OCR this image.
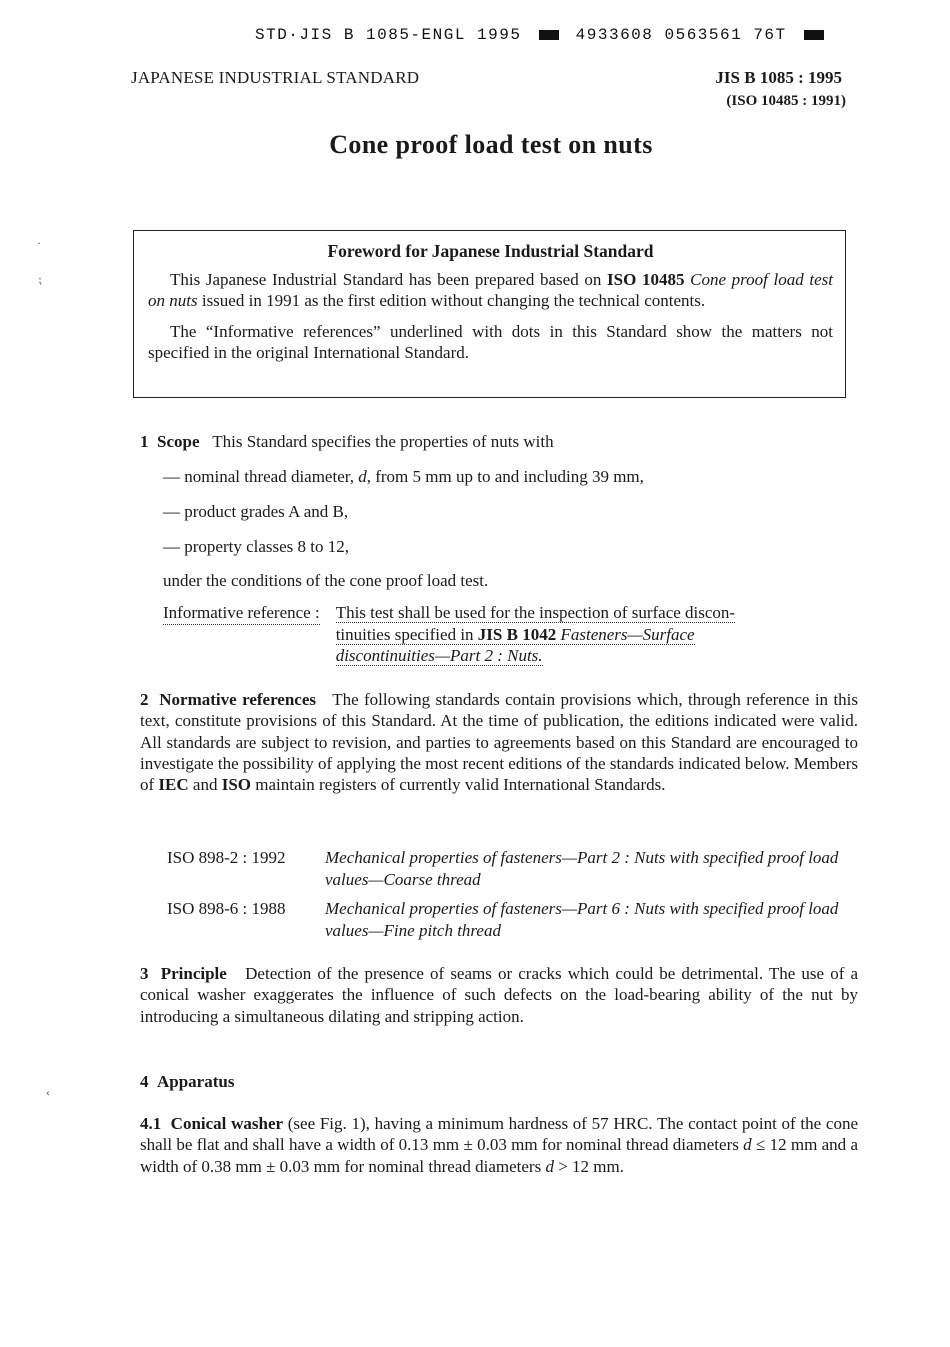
STD·JIS B 1085-ENGL 1995	4933608 0563561 76T
JAPANESE INDUSTRIAL STANDARD	JIS B 1085 : 1995
(ISO 10485 : 1991)
Cone proof load test on nuts
Foreword for Japanese Industrial Standard

This Japanese Industrial Standard has been prepared based on ISO 10485 Cone proof load test on nuts issued in 1991 as the first edition without changing the technical contents.

The “Informative references” underlined with dots in this Standard show the matters not specified in the original International Standard.

1 Scope This Standard specifies the properties of nuts with
— nominal thread diameter, d, from 5 mm up to and including 39 mm,
— product grades A and B,
— property classes 8 to 12,
under the conditions of the cone proof load test.
Informative reference : This test shall be used for the inspection of surface discon-
tinuities specified in JIS B 1042 Fasteners—Surface
discontinuities—Part 2 : Nuts.
2 Normative references The following standards contain provisions which, through reference in this text, constitute provisions of this Standard. At the time of publication, the editions indicated were valid. All standards are subject to revision, and parties to agreements based on this Standard are encouraged to investigate the possibility of applying the most recent editions of the standards indicated below. Members of IEC and ISO maintain registers of currently valid International Standards.
ISO 898-2 : 1992	Mechanical properties of fasteners—Part 2 : Nuts with specified proof load values—Coarse thread
ISO 898-6 : 1988	Mechanical properties of fasteners—Part 6 : Nuts with specified proof load values—Fine pitch thread
3 Principle Detection of the presence of seams or cracks which could be detrimental. The use of a conical washer exaggerates the influence of such defects on the load-bearing ability of the nut by introducing a simultaneous dilating and stripping action.
4 Apparatus
4.1 Conical washer (see Fig. 1), having a minimum hardness of 57 HRC. The contact point of the cone shall be flat and shall have a width of 0.13 mm ± 0.03 mm for nominal thread diameters d ≤ 12 mm and a width of 0.38 mm ± 0.03 mm for nominal thread diameters d > 12 mm.
·
⁏
‹
